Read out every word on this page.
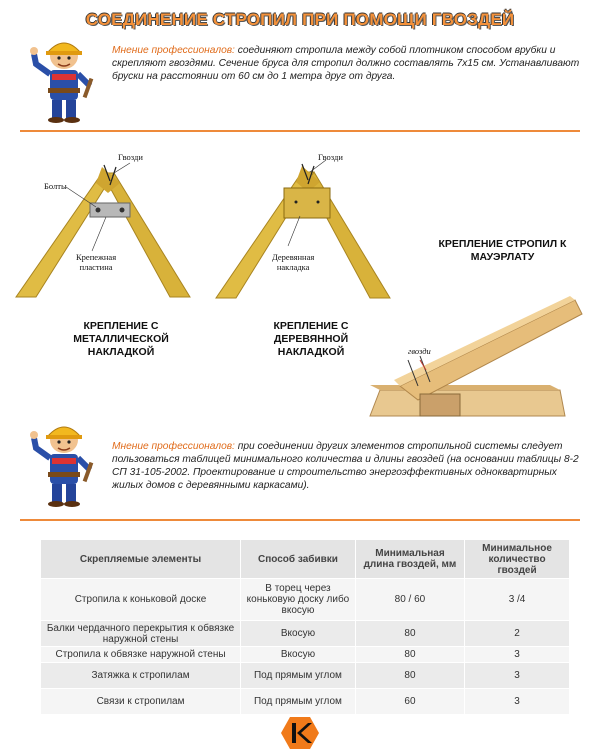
СОЕДИНЕНИЕ СТРОПИЛ ПРИ ПОМОЩИ ГВОЗДЕЙ
Мнение профессионалов: соединяют стропила между собой плотником способом врубки и скрепляют гвоздями. Сечение бруса для стропил должно составлять 7х15 см. Устанавливают бруски на расстоянии от 60 см до 1 метра друг от друга.
Гвозди
Болты
Крепежная
пластина
КРЕПЛЕНИЕ С
МЕТАЛЛИЧЕСКОЙ
НАКЛАДКОЙ
Гвозди
Деревянная
накладка
КРЕПЛЕНИЕ С
ДЕРЕВЯННОЙ
НАКЛАДКОЙ
КРЕПЛЕНИЕ СТРОПИЛ К
МАУЭРЛАТУ
гвозди
Мнение профессионалов: при соединении других элементов стропильной системы следует пользоваться таблицей минимального количества и длины гвоздей (на основании таблицы 8-2 СП 31-105-2002. Проектирование и строительство энергоэффективных одноквартирных жилых домов с деревянными каркасами).
Скрепляемые элементы	Способ забивки	Минимальная длина гвоздей, мм	Минимальное количество гвоздей
Стропила к коньковой доске	В торец через коньковую доску либо вкосую	80 / 60	3 /4
Балки чердачного перекрытия к обвязке наружной стены	Вкосую	80	2
Стропила к обвязке наружной стены	Вкосую	80	3
Затяжка к стропилам	Под прямым углом	80	3
Связи к стропилам	Под прямым углом	60	3
